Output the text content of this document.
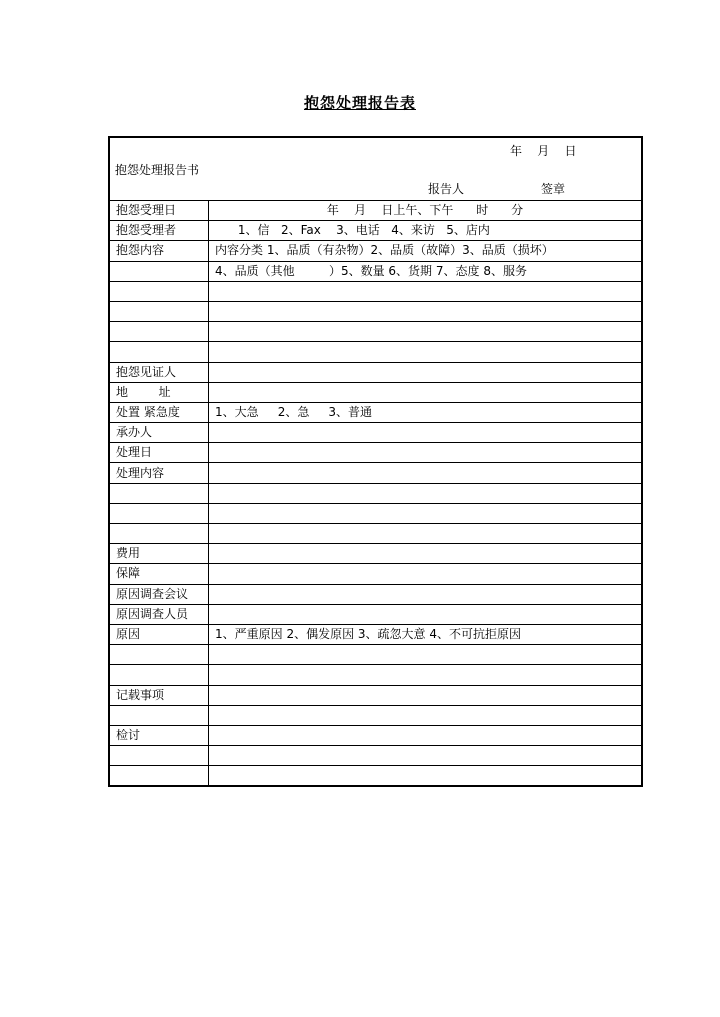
抱怨处理报告表
年    月    日
抱怨处理报告书
报告人	签章
抱怨受理日	年    月    日上午、下午      时      分
抱怨受理者	1、信   2、Fax    3、电话   4、来访   5、店内
抱怨内容	内容分类 1、品质（有杂物）2、品质（故障）3、品质（损坏）
	4、品质（其他         ）5、数量 6、货期 7、态度 8、服务

抱怨见证人	
地        址	
处置 紧急度	1、大急     2、急     3、普通
承办人	
处理日	
处理内容	

费用	
保障	
原因调查会议	
原因调查人员	
原因	1、严重原因 2、偶发原因 3、疏忽大意 4、不可抗拒原因

记载事项	

检讨	
